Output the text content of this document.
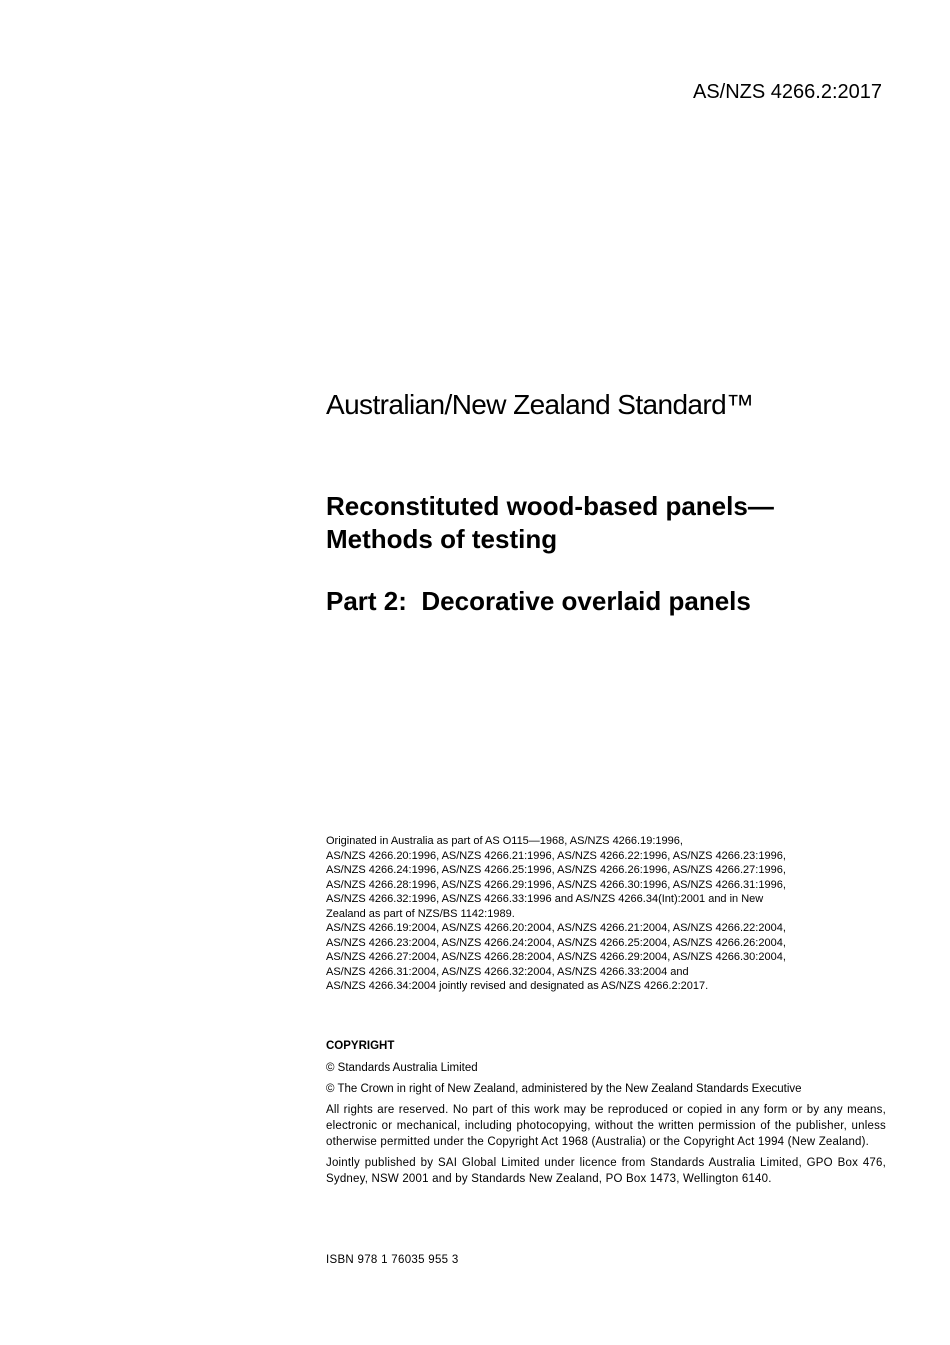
AS/NZS 4266.2:2017
Australian/New Zealand Standard™
Reconstituted wood-based panels—
Methods of testing
Part 2:  Decorative overlaid panels
Originated in Australia as part of AS O115—1968, AS/NZS 4266.19:1996,
AS/NZS 4266.20:1996, AS/NZS 4266.21:1996, AS/NZS 4266.22:1996, AS/NZS 4266.23:1996,
AS/NZS 4266.24:1996, AS/NZS 4266.25:1996, AS/NZS 4266.26:1996, AS/NZS 4266.27:1996,
AS/NZS 4266.28:1996, AS/NZS 4266.29:1996, AS/NZS 4266.30:1996, AS/NZS 4266.31:1996,
AS/NZS 4266.32:1996, AS/NZS 4266.33:1996 and AS/NZS 4266.34(Int):2001 and in New
Zealand as part of NZS/BS 1142:1989.
AS/NZS 4266.19:2004, AS/NZS 4266.20:2004, AS/NZS 4266.21:2004, AS/NZS 4266.22:2004,
AS/NZS 4266.23:2004, AS/NZS 4266.24:2004, AS/NZS 4266.25:2004, AS/NZS 4266.26:2004,
AS/NZS 4266.27:2004, AS/NZS 4266.28:2004, AS/NZS 4266.29:2004, AS/NZS 4266.30:2004,
AS/NZS 4266.31:2004, AS/NZS 4266.32:2004, AS/NZS 4266.33:2004 and
AS/NZS 4266.34:2004 jointly revised and designated as AS/NZS 4266.2:2017.
COPYRIGHT
© Standards Australia Limited
© The Crown in right of New Zealand, administered by the New Zealand Standards Executive
All rights are reserved. No part of this work may be reproduced or copied in any form or by any means, electronic or mechanical, including photocopying, without the written permission of the publisher, unless otherwise permitted under the Copyright Act 1968 (Australia) or the Copyright Act 1994 (New Zealand).
Jointly published by SAI Global Limited under licence from Standards Australia Limited, GPO Box 476, Sydney, NSW 2001 and by Standards New Zealand, PO Box 1473, Wellington 6140.
ISBN 978 1 76035 955 3
